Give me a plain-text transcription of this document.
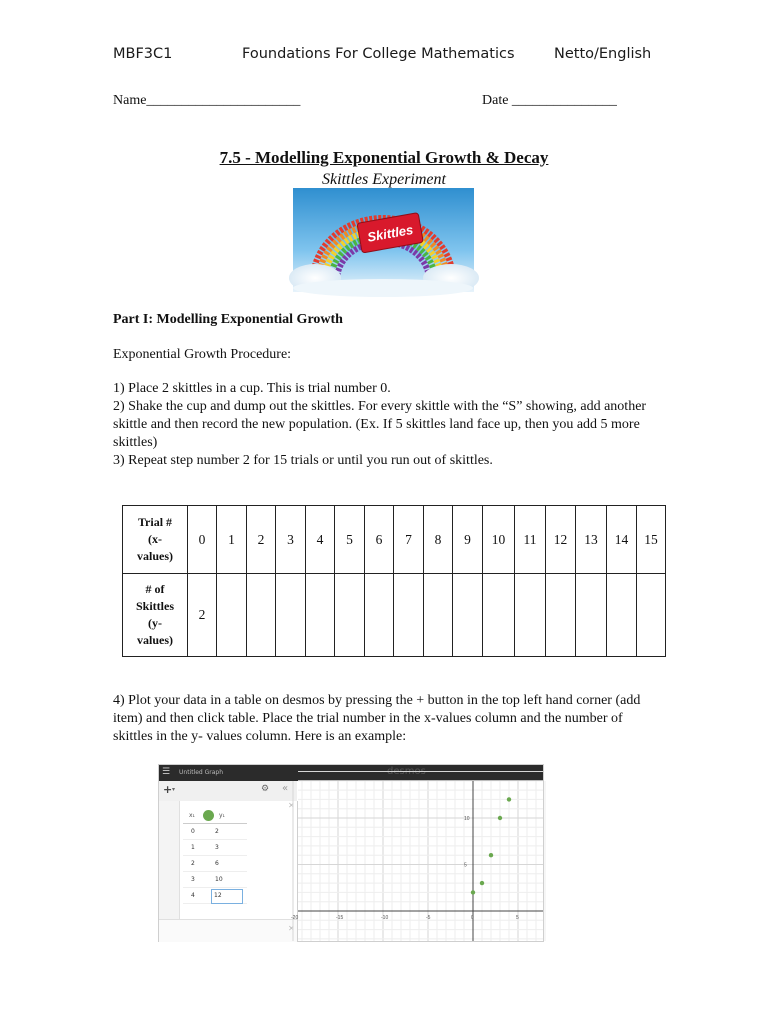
MBF3C1	Foundations For College Mathematics	Netto/English
Name______________________	Date _______________
7.5 - Modelling Exponential Growth & Decay
Skittles Experiment
Skittles
Part I: Modelling Exponential Growth
Exponential Growth Procedure:
1) Place 2 skittles in a cup. This is trial number 0.
2) Shake the cup and dump out the skittles. For every skittle with the “S” showing, add another skittle and then record the new population. (Ex. If 5 skittles land face up, then you add 5 more skittles)
3) Repeat step number 2 for 15 trials or until you run out of skittles.
Trial #
(x-
values)	0	1	2	3	4	5	6	7	8	9	10	11	12	13	14	15

# of
Skittles
(y-
values)	2															
4) Plot your data in a table on desmos by pressing the + button in the top left hand corner (add item) and then click table. Place the trial number in the x-values column and the number of skittles in the y- values column. Here is an example:
☰ Untitled Graph	desmos
+ ▾	⚙ «
✕
x₁	y₁
0	2
1	3
2	6
3	10
4	12
✕
-20	-15	-10	-5	0	5
10
5
